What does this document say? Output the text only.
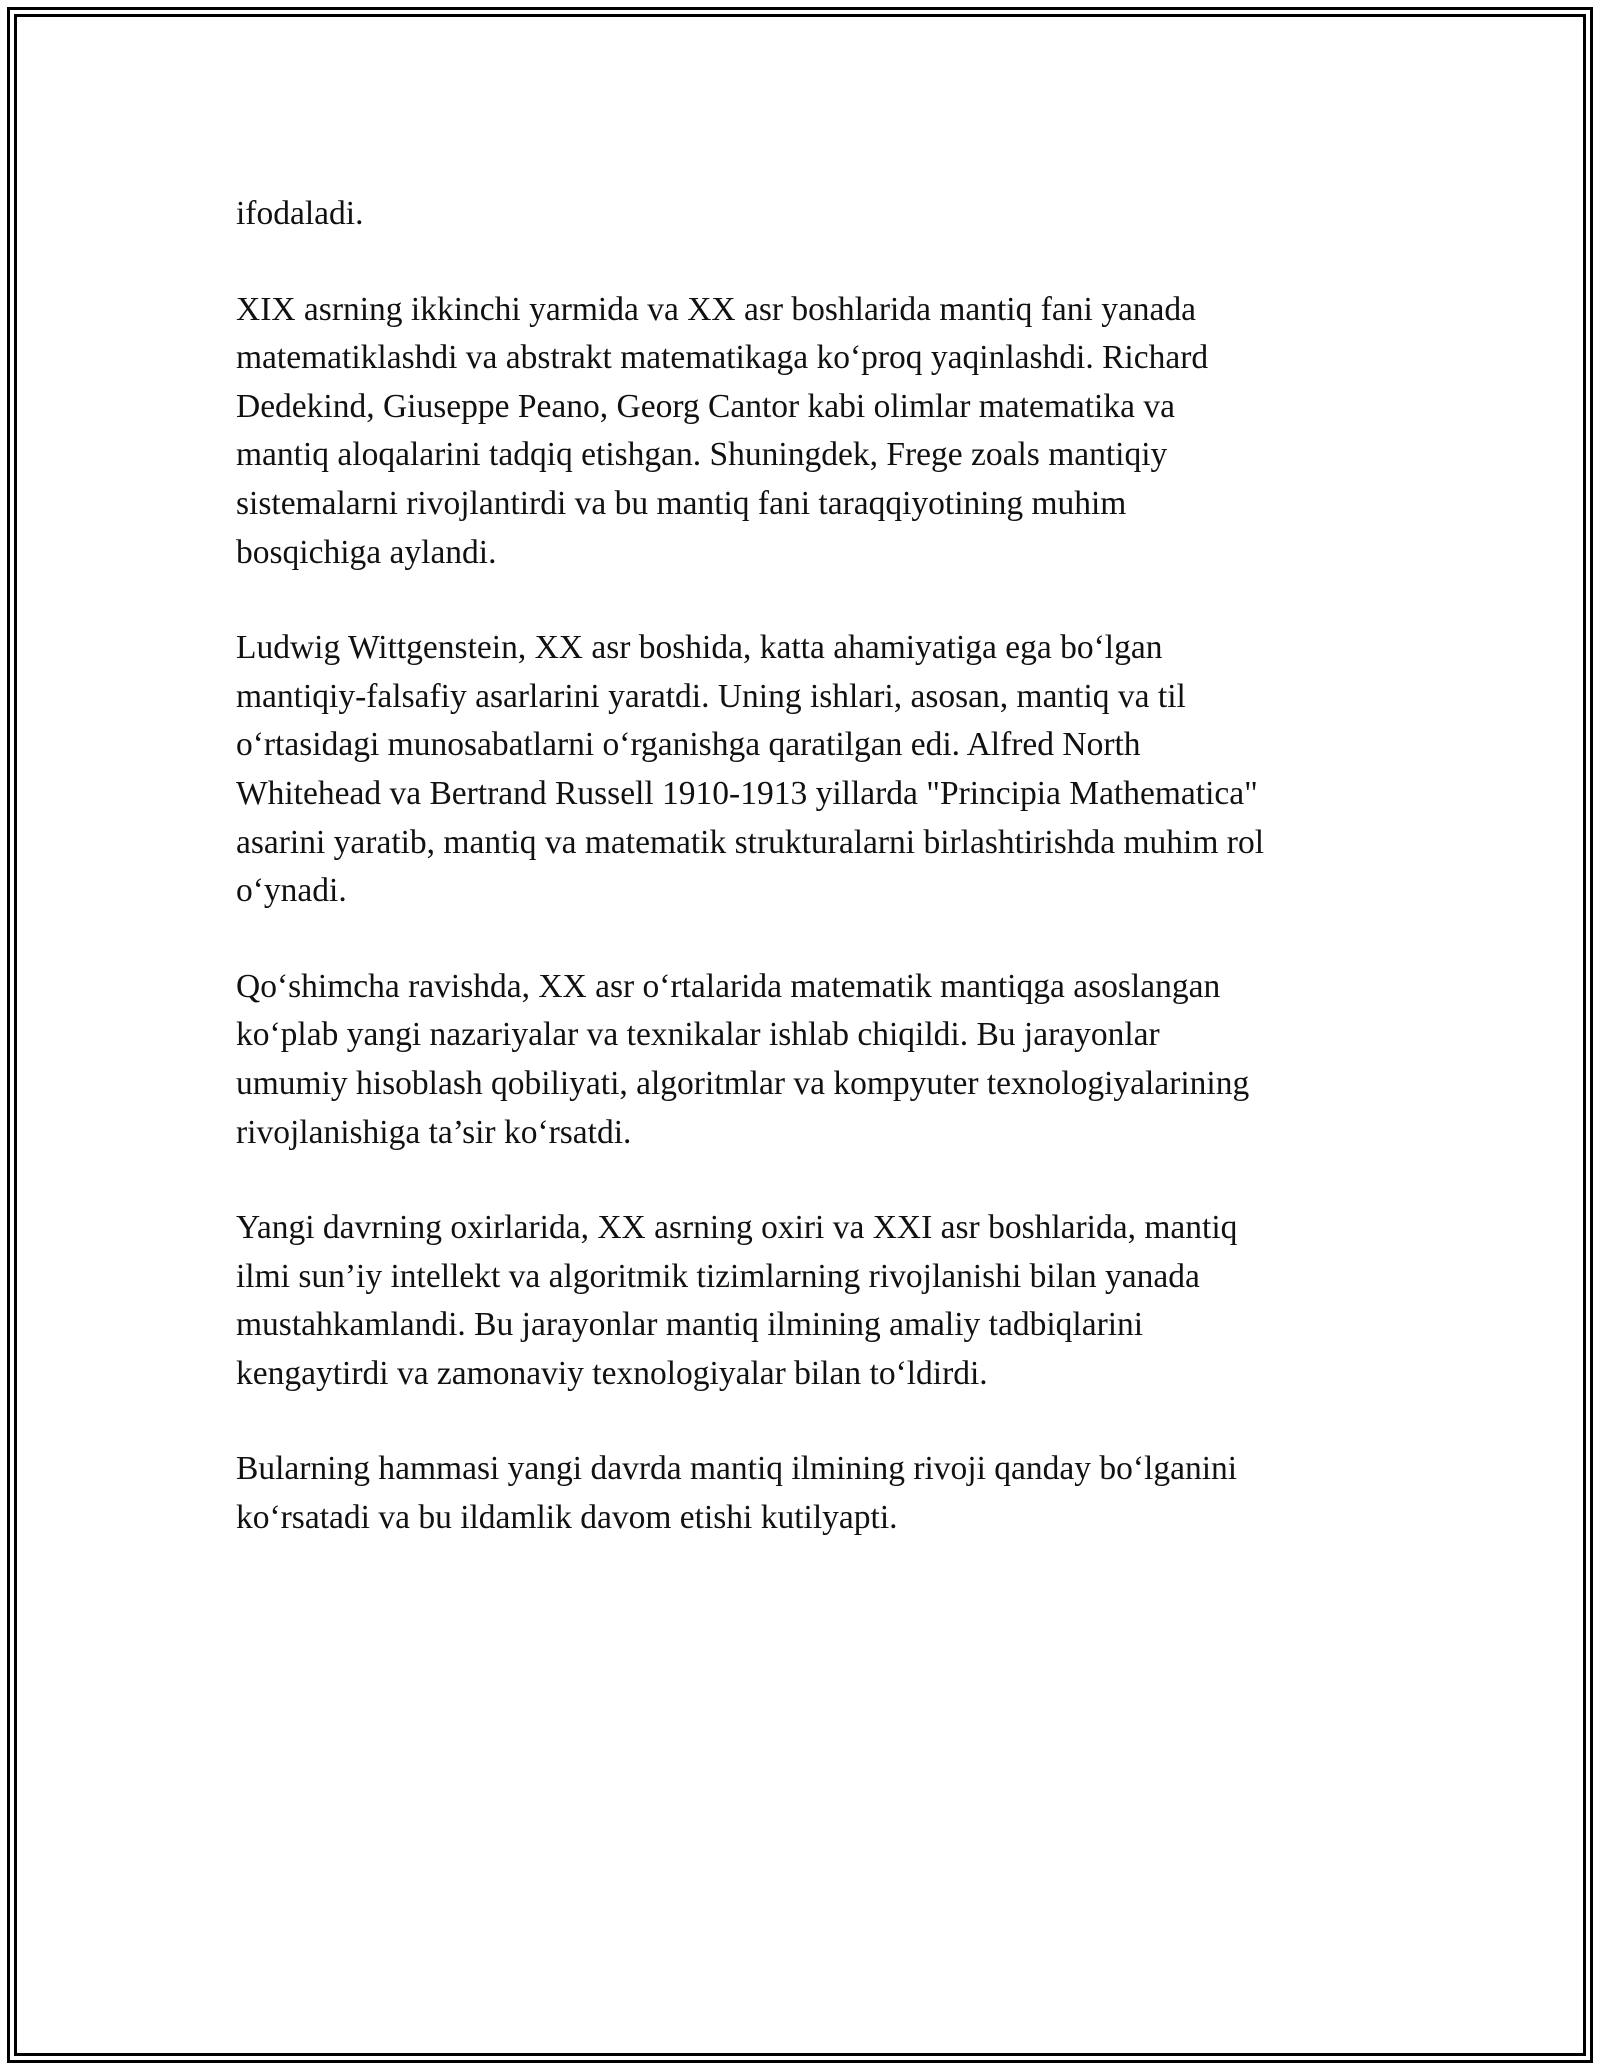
ifodaladi.

XIX asrning ikkinchi yarmida va XX asr boshlarida mantiq fani yanada
matematiklashdi va abstrakt matematikaga ko‘proq yaqinlashdi. Richard
Dedekind, Giuseppe Peano, Georg Cantor kabi olimlar matematika va
mantiq aloqalarini tadqiq etishgan. Shuningdek, Frege zoals mantiqiy
sistemalarni rivojlantirdi va bu mantiq fani taraqqiyotining muhim
bosqichiga aylandi.

Ludwig Wittgenstein, XX asr boshida, katta ahamiyatiga ega bo‘lgan
mantiqiy-falsafiy asarlarini yaratdi. Uning ishlari, asosan, mantiq va til
o‘rtasidagi munosabatlarni o‘rganishga qaratilgan edi. Alfred North
Whitehead va Bertrand Russell 1910-1913 yillarda "Principia Mathematica"
asarini yaratib, mantiq va matematik strukturalarni birlashtirishda muhim rol
o‘ynadi.

Qo‘shimcha ravishda, XX asr o‘rtalarida matematik mantiqga asoslangan
ko‘plab yangi nazariyalar va texnikalar ishlab chiqildi. Bu jarayonlar
umumiy hisoblash qobiliyati, algoritmlar va kompyuter texnologiyalarining
rivojlanishiga ta’sir ko‘rsatdi.

Yangi davrning oxirlarida, XX asrning oxiri va XXI asr boshlarida, mantiq
ilmi sun’iy intellekt va algoritmik tizimlarning rivojlanishi bilan yanada
mustahkamlandi. Bu jarayonlar mantiq ilmining amaliy tadbiqlarini
kengaytirdi va zamonaviy texnologiyalar bilan to‘ldirdi.

Bularning hammasi yangi davrda mantiq ilmining rivoji qanday bo‘lganini
ko‘rsatadi va bu ildamlik davom etishi kutilyapti.
